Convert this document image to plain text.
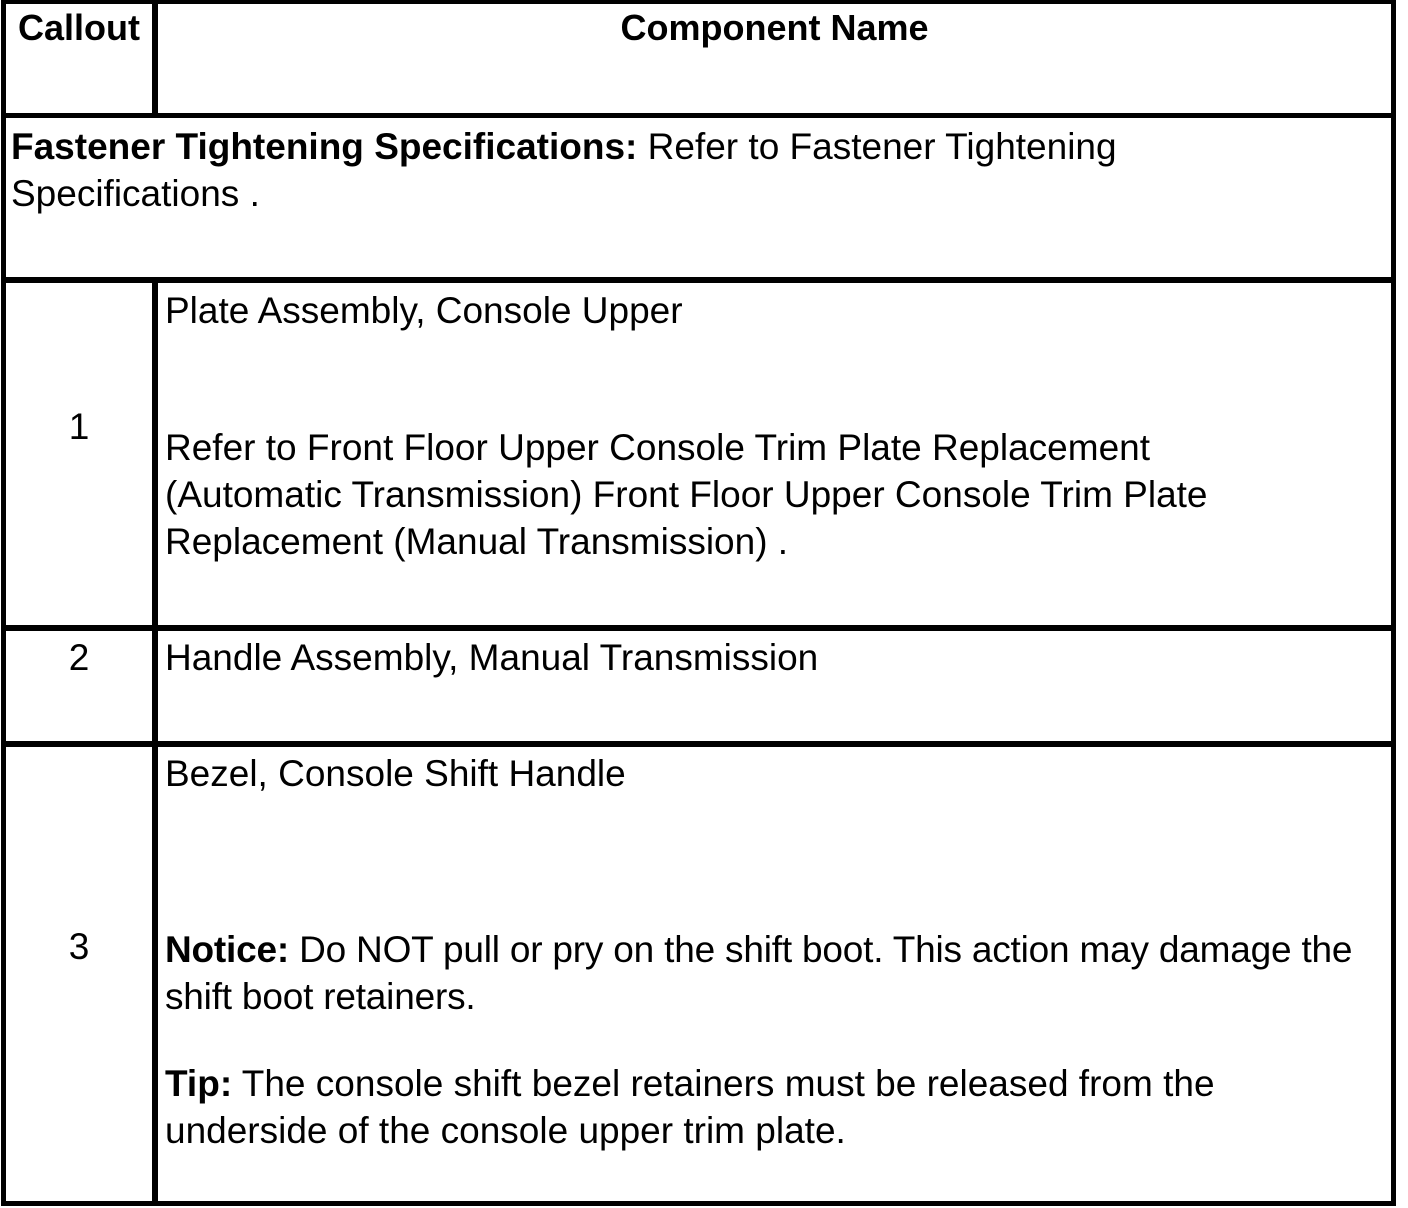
Callout	Component Name
Fastener Tightening Specifications: Refer to Fastener Tightening Specifications .
1
Plate Assembly, Console Upper
Refer to Front Floor Upper Console Trim Plate Replacement (Automatic Transmission) Front Floor Upper Console Trim Plate Replacement (Manual Transmission) .
2	Handle Assembly, Manual Transmission
3
Bezel, Console Shift Handle
Notice: Do NOT pull or pry on the shift boot. This action may damage the shift boot retainers.
Tip: The console shift bezel retainers must be released from the underside of the console upper trim plate.
